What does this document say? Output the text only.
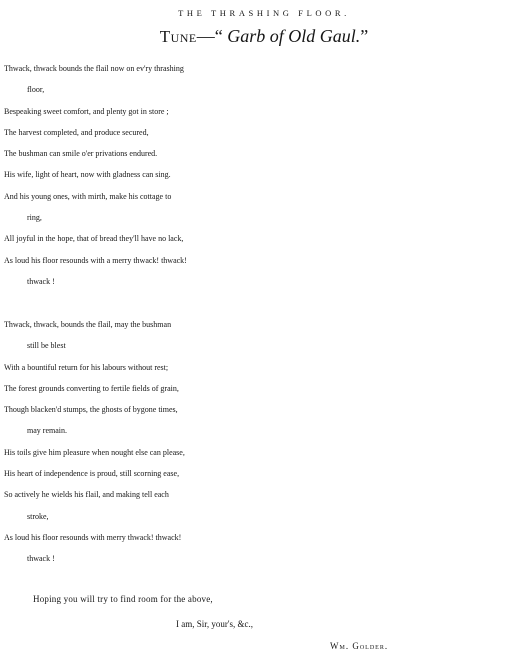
THE THRASHING FLOOR.
Tune—“ Garb of Old Gaul.”
Thwack, thwack bounds the flail now on ev'ry thrashing
floor,
Bespeaking sweet comfort, and plenty got in store ;
The harvest completed, and produce secured,
The bushman can smile o'er privations endured.
His wife, light of heart, now with gladness can sing.
And his young ones, with mirth, make his cottage to
ring,
All joyful in the hope, that of bread they'll have no lack,
As loud his floor resounds with a merry thwack! thwack!
thwack !
Thwack, thwack, bounds the flail, may the bushman
still be blest
With a bountiful return for his labours without rest;
The forest grounds converting to fertile fields of grain,
Though blacken'd stumps, the ghosts of bygone times,
may remain.
His toils give him pleasure when nought else can please,
His heart of independence is proud, still scorning ease,
So actively he wields his flail, and making tell each
stroke,
As loud his floor resounds with merry thwack! thwack!
thwack !
Hoping you will try to find room for the above,
I am, Sir, your's, &c.,
Wm. Golder.
